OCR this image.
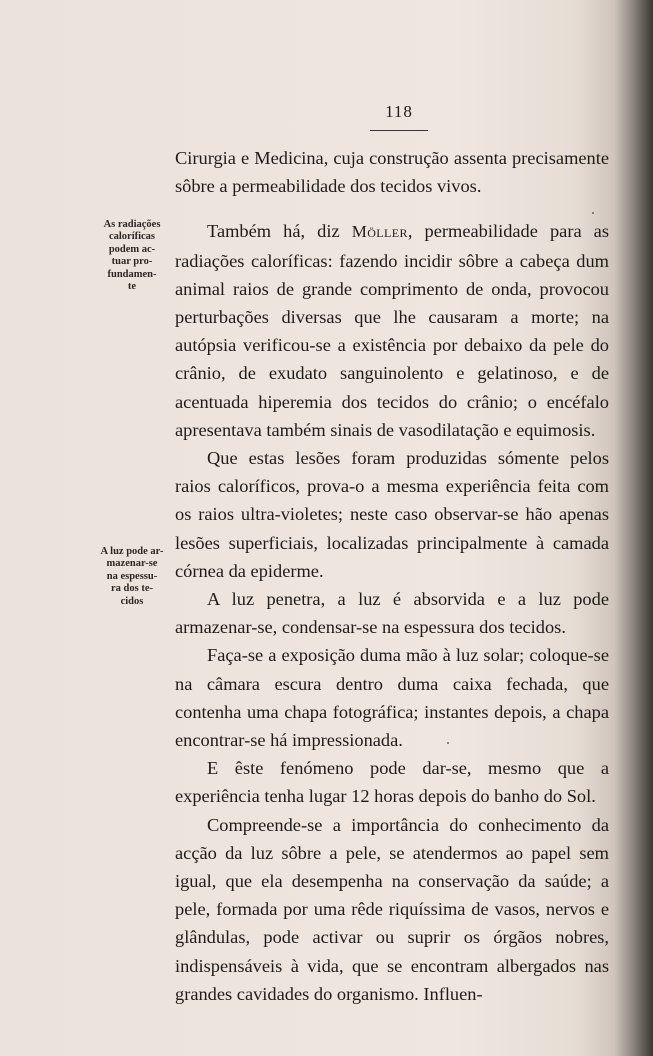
118
As radiações
caloríficas
podem ac-
tuar pro-
fundamen-
te
A luz pode ar-
mazenar-se
na espessu-
ra dos te-
cidos

Cirurgia e Medicina, cuja construção assenta precisamente sôbre a permeabilidade dos tecidos vivos.

Também há, diz Möller, permeabilidade para as radiações caloríficas: fazendo incidir sôbre a cabeça dum animal raios de grande comprimento de onda, provocou perturbações diversas que lhe causaram a morte; na autópsia verificou-se a existência por debaixo da pele do crânio, de exudato sanguinolento e gelatinoso, e de acentuada hiperemia dos tecidos do crânio; o encéfalo apresentava também sinais de vasodilatação e equimosis.

Que estas lesões foram produzidas sómente pelos raios caloríficos, prova-o a mesma experiência feita com os raios ultra-violetes; neste caso observar-se hão apenas lesões superficiais, localizadas principalmente à camada córnea da epiderme.

A luz penetra, a luz é absorvida e a luz pode armazenar-se, condensar-se na espessura dos tecidos.

Faça-se a exposição duma mão à luz solar; coloque-se na câmara escura dentro duma caixa fechada, que contenha uma chapa fotográfica; instantes depois, a chapa encontrar-se há impressionada.

E êste fenómeno pode dar-se, mesmo que a experiência tenha lugar 12 horas depois do banho do Sol.

Compreende-se a importância do conhecimento da acção da luz sôbre a pele, se atendermos ao papel sem igual, que ela desempenha na conservação da saúde; a pele, formada por uma rêde riquíssima de vasos, nervos e glândulas, pode activar ou suprir os órgãos nobres, indispensáveis à vida, que se encontram albergados nas grandes cavidades do organismo. Influen-
